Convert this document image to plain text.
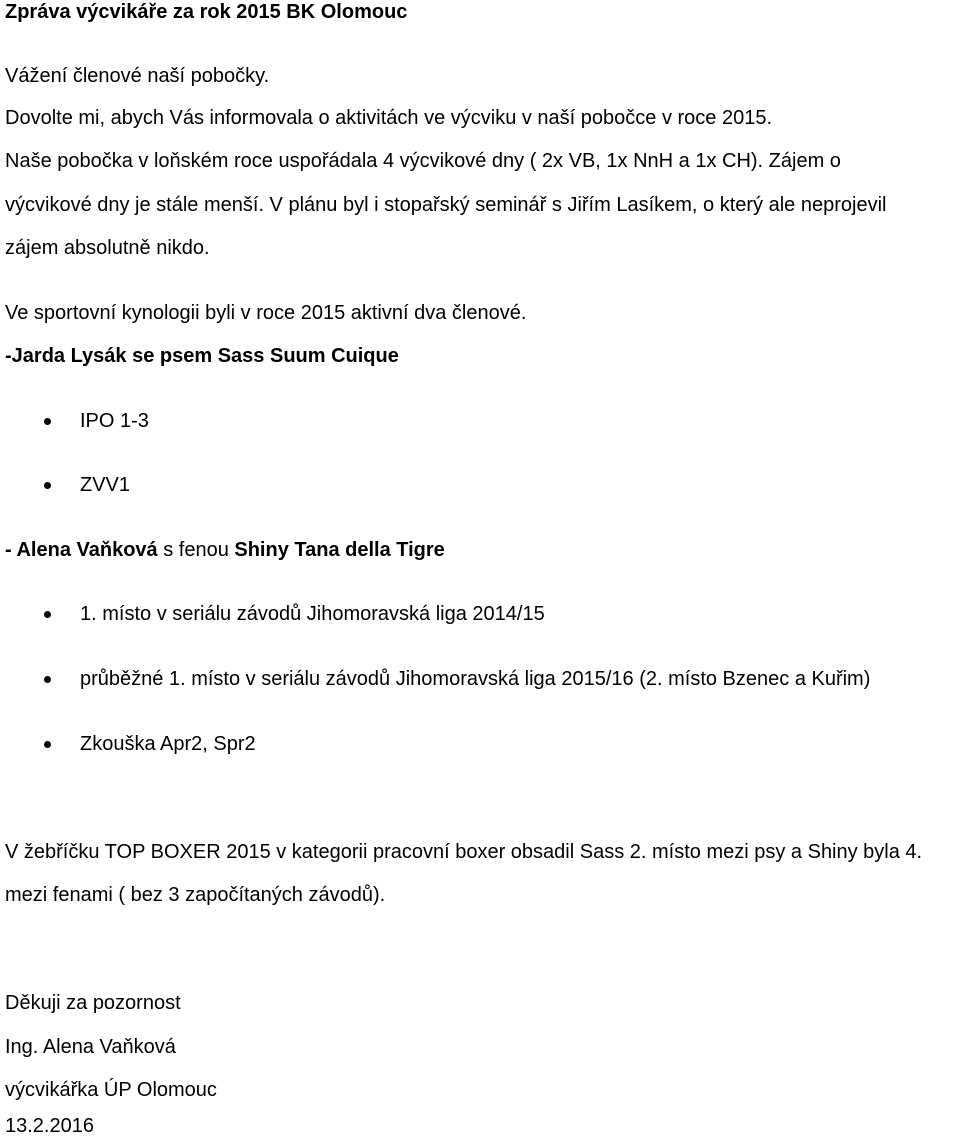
Zpráva výcvikáře za rok 2015 BK Olomouc
Vážení členové naší pobočky.
Dovolte mi, abych Vás informovala o aktivitách ve výcviku v naší pobočce v roce 2015.
Naše pobočka v loňském roce uspořádala 4 výcvikové dny ( 2x VB, 1x NnH a 1x CH). Zájem o
výcvikové dny je stále menší. V plánu byl i stopařský seminář s Jiřím Lasíkem, o který ale neprojevil
zájem absolutně nikdo.
Ve sportovní kynologii byli v roce 2015 aktivní dva členové.
-Jarda Lysák se psem Sass Suum Cuique
IPO 1-3
ZVV1
- Alena Vaňková s fenou Shiny Tana della Tigre
1. místo v seriálu závodů Jihomoravská liga 2014/15
průběžné 1. místo v seriálu závodů Jihomoravská liga 2015/16 (2. místo Bzenec a Kuřim)
Zkouška Apr2, Spr2
V žebříčku TOP BOXER 2015 v kategorii pracovní boxer obsadil Sass 2. místo mezi psy a Shiny byla 4.
mezi fenami ( bez 3 započítaných závodů).
Děkuji za pozornost
Ing. Alena Vaňková
výcvikářka ÚP Olomouc
13.2.2016
